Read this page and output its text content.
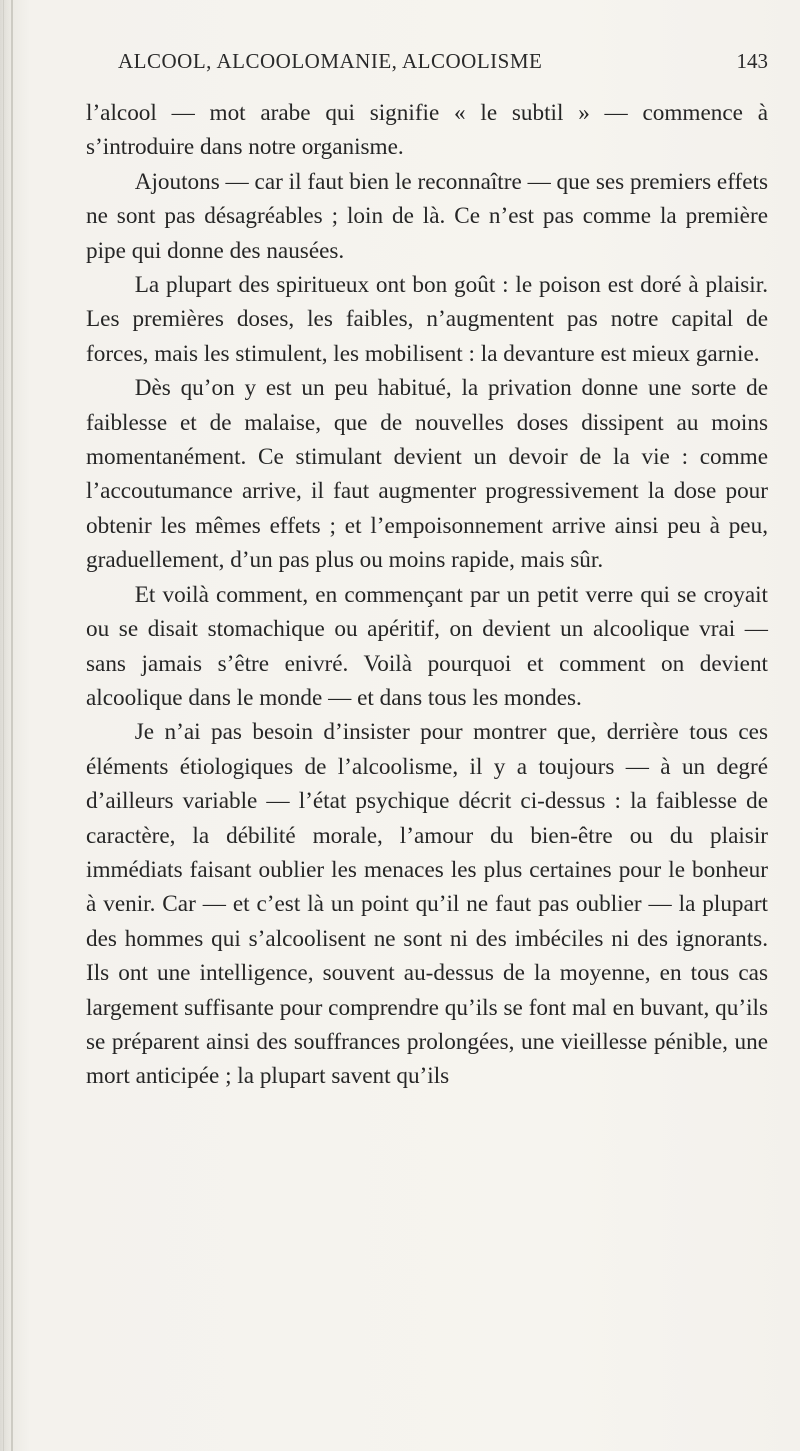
ALCOOL, ALCOOLOMANIE, ALCOOLISME	143

l’alcool — mot arabe qui signifie « le subtil » — commence à s’introduire dans notre organisme.

Ajoutons — car il faut bien le reconnaître — que ses premiers effets ne sont pas désagréables ; loin de là. Ce n’est pas comme la première pipe qui donne des nausées.

La plupart des spiritueux ont bon goût : le poison est doré à plaisir. Les premières doses, les faibles, n’augmentent pas notre capital de forces, mais les stimulent, les mobilisent : la devanture est mieux garnie.

Dès qu’on y est un peu habitué, la privation donne une sorte de faiblesse et de malaise, que de nouvelles doses dissipent au moins momentanément. Ce stimulant devient un devoir de la vie : comme l’accoutumance arrive, il faut augmenter progressivement la dose pour obtenir les mêmes effets ; et l’empoisonnement arrive ainsi peu à peu, graduellement, d’un pas plus ou moins rapide, mais sûr.

Et voilà comment, en commençant par un petit verre qui se croyait ou se disait stomachique ou apéritif, on devient un alcoolique vrai — sans jamais s’être enivré. Voilà pourquoi et comment on devient alcoolique dans le monde — et dans tous les mondes.

Je n’ai pas besoin d’insister pour montrer que, derrière tous ces éléments étiologiques de l’alcoolisme, il y a toujours — à un degré d’ailleurs variable — l’état psychique décrit ci-dessus : la faiblesse de caractère, la débilité morale, l’amour du bien-être ou du plaisir immédiats faisant oublier les menaces les plus certaines pour le bonheur à venir. Car — et c’est là un point qu’il ne faut pas oublier — la plupart des hommes qui s’alcoolisent ne sont ni des imbéciles ni des ignorants. Ils ont une intelligence, souvent au-dessus de la moyenne, en tous cas largement suffisante pour comprendre qu’ils se font mal en buvant, qu’ils se préparent ainsi des souffrances prolongées, une vieillesse pénible, une mort anticipée ; la plupart savent qu’ils
